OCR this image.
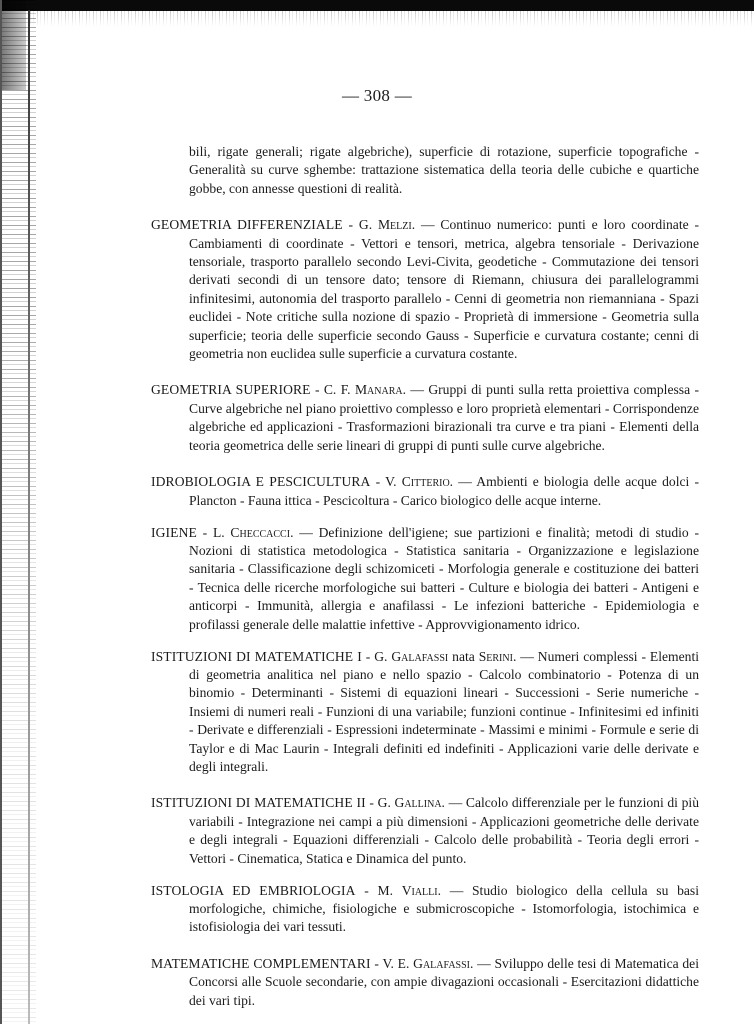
— 308 —

bili, rigate generali; rigate algebriche), superficie di rotazione, superficie topografiche - Generalità su curve sghembe: trattazione sistematica della teoria delle cubiche e quartiche gobbe, con annesse questioni di realità.

GEOMETRIA DIFFERENZIALE - G. Melzi. — Continuo numerico: punti e loro coordinate - Cambiamenti di coordinate - Vettori e tensori, metrica, algebra tensoriale - Derivazione tensoriale, trasporto parallelo secondo Levi-Civita, geodetiche - Commutazione dei tensori derivati secondi di un tensore dato; tensore di Riemann, chiusura dei parallelogrammi infinitesimi, autonomia del trasporto parallelo - Cenni di geometria non riemanniana - Spazi euclidei - Note critiche sulla nozione di spazio - Proprietà di immersione - Geometria sulla superficie; teoria delle superficie secondo Gauss - Superficie e curvatura costante; cenni di geometria non euclidea sulle superficie a curvatura costante.

GEOMETRIA SUPERIORE - C. F. Manara. — Gruppi di punti sulla retta proiettiva complessa - Curve algebriche nel piano proiettivo complesso e loro proprietà elementari - Corrispondenze algebriche ed applicazioni - Trasformazioni birazionali tra curve e tra piani - Elementi della teoria geometrica delle serie lineari di gruppi di punti sulle curve algebriche.

IDROBIOLOGIA E PESCICULTURA - V. Citterio. — Ambienti e biologia delle acque dolci - Plancton - Fauna ittica - Pescicoltura - Carico biologico delle acque interne.

IGIENE - L. Checcacci. — Definizione dell'igiene; sue partizioni e finalità; metodi di studio - Nozioni di statistica metodologica - Statistica sanitaria - Organizzazione e legislazione sanitaria - Classificazione degli schizomiceti - Morfologia generale e costituzione dei batteri - Tecnica delle ricerche morfologiche sui batteri - Culture e biologia dei batteri - Antigeni e anticorpi - Immunità, allergia e anafilassi - Le infezioni batteriche - Epidemiologia e profilassi generale delle malattie infettive - Approvvigionamento idrico.

ISTITUZIONI DI MATEMATICHE I - G. Galafassi nata Serini. — Numeri complessi - Elementi di geometria analitica nel piano e nello spazio - Calcolo combinatorio - Potenza di un binomio - Determinanti - Sistemi di equazioni lineari - Successioni - Serie numeriche - Insiemi di numeri reali - Funzioni di una variabile; funzioni continue - Infinitesimi ed infiniti - Derivate e differenziali - Espressioni indeterminate - Massimi e minimi - Formule e serie di Taylor e di Mac Laurin - Integrali definiti ed indefiniti - Applicazioni varie delle derivate e degli integrali.

ISTITUZIONI DI MATEMATICHE II - G. Gallina. — Calcolo differenziale per le funzioni di più variabili - Integrazione nei campi a più dimensioni - Applicazioni geometriche delle derivate e degli integrali - Equazioni differenziali - Calcolo delle probabilità - Teoria degli errori - Vettori - Cinematica, Statica e Dinamica del punto.

ISTOLOGIA ED EMBRIOLOGIA - M. Vialli. — Studio biologico della cellula su basi morfologiche, chimiche, fisiologiche e submicroscopiche - Istomorfologia, istochimica e istofisiologia dei vari tessuti.

MATEMATICHE COMPLEMENTARI - V. E. Galafassi. — Sviluppo delle tesi di Matematica dei Concorsi alle Scuole secondarie, con ampie divagazioni occasionali - Esercitazioni didattiche dei vari tipi.
